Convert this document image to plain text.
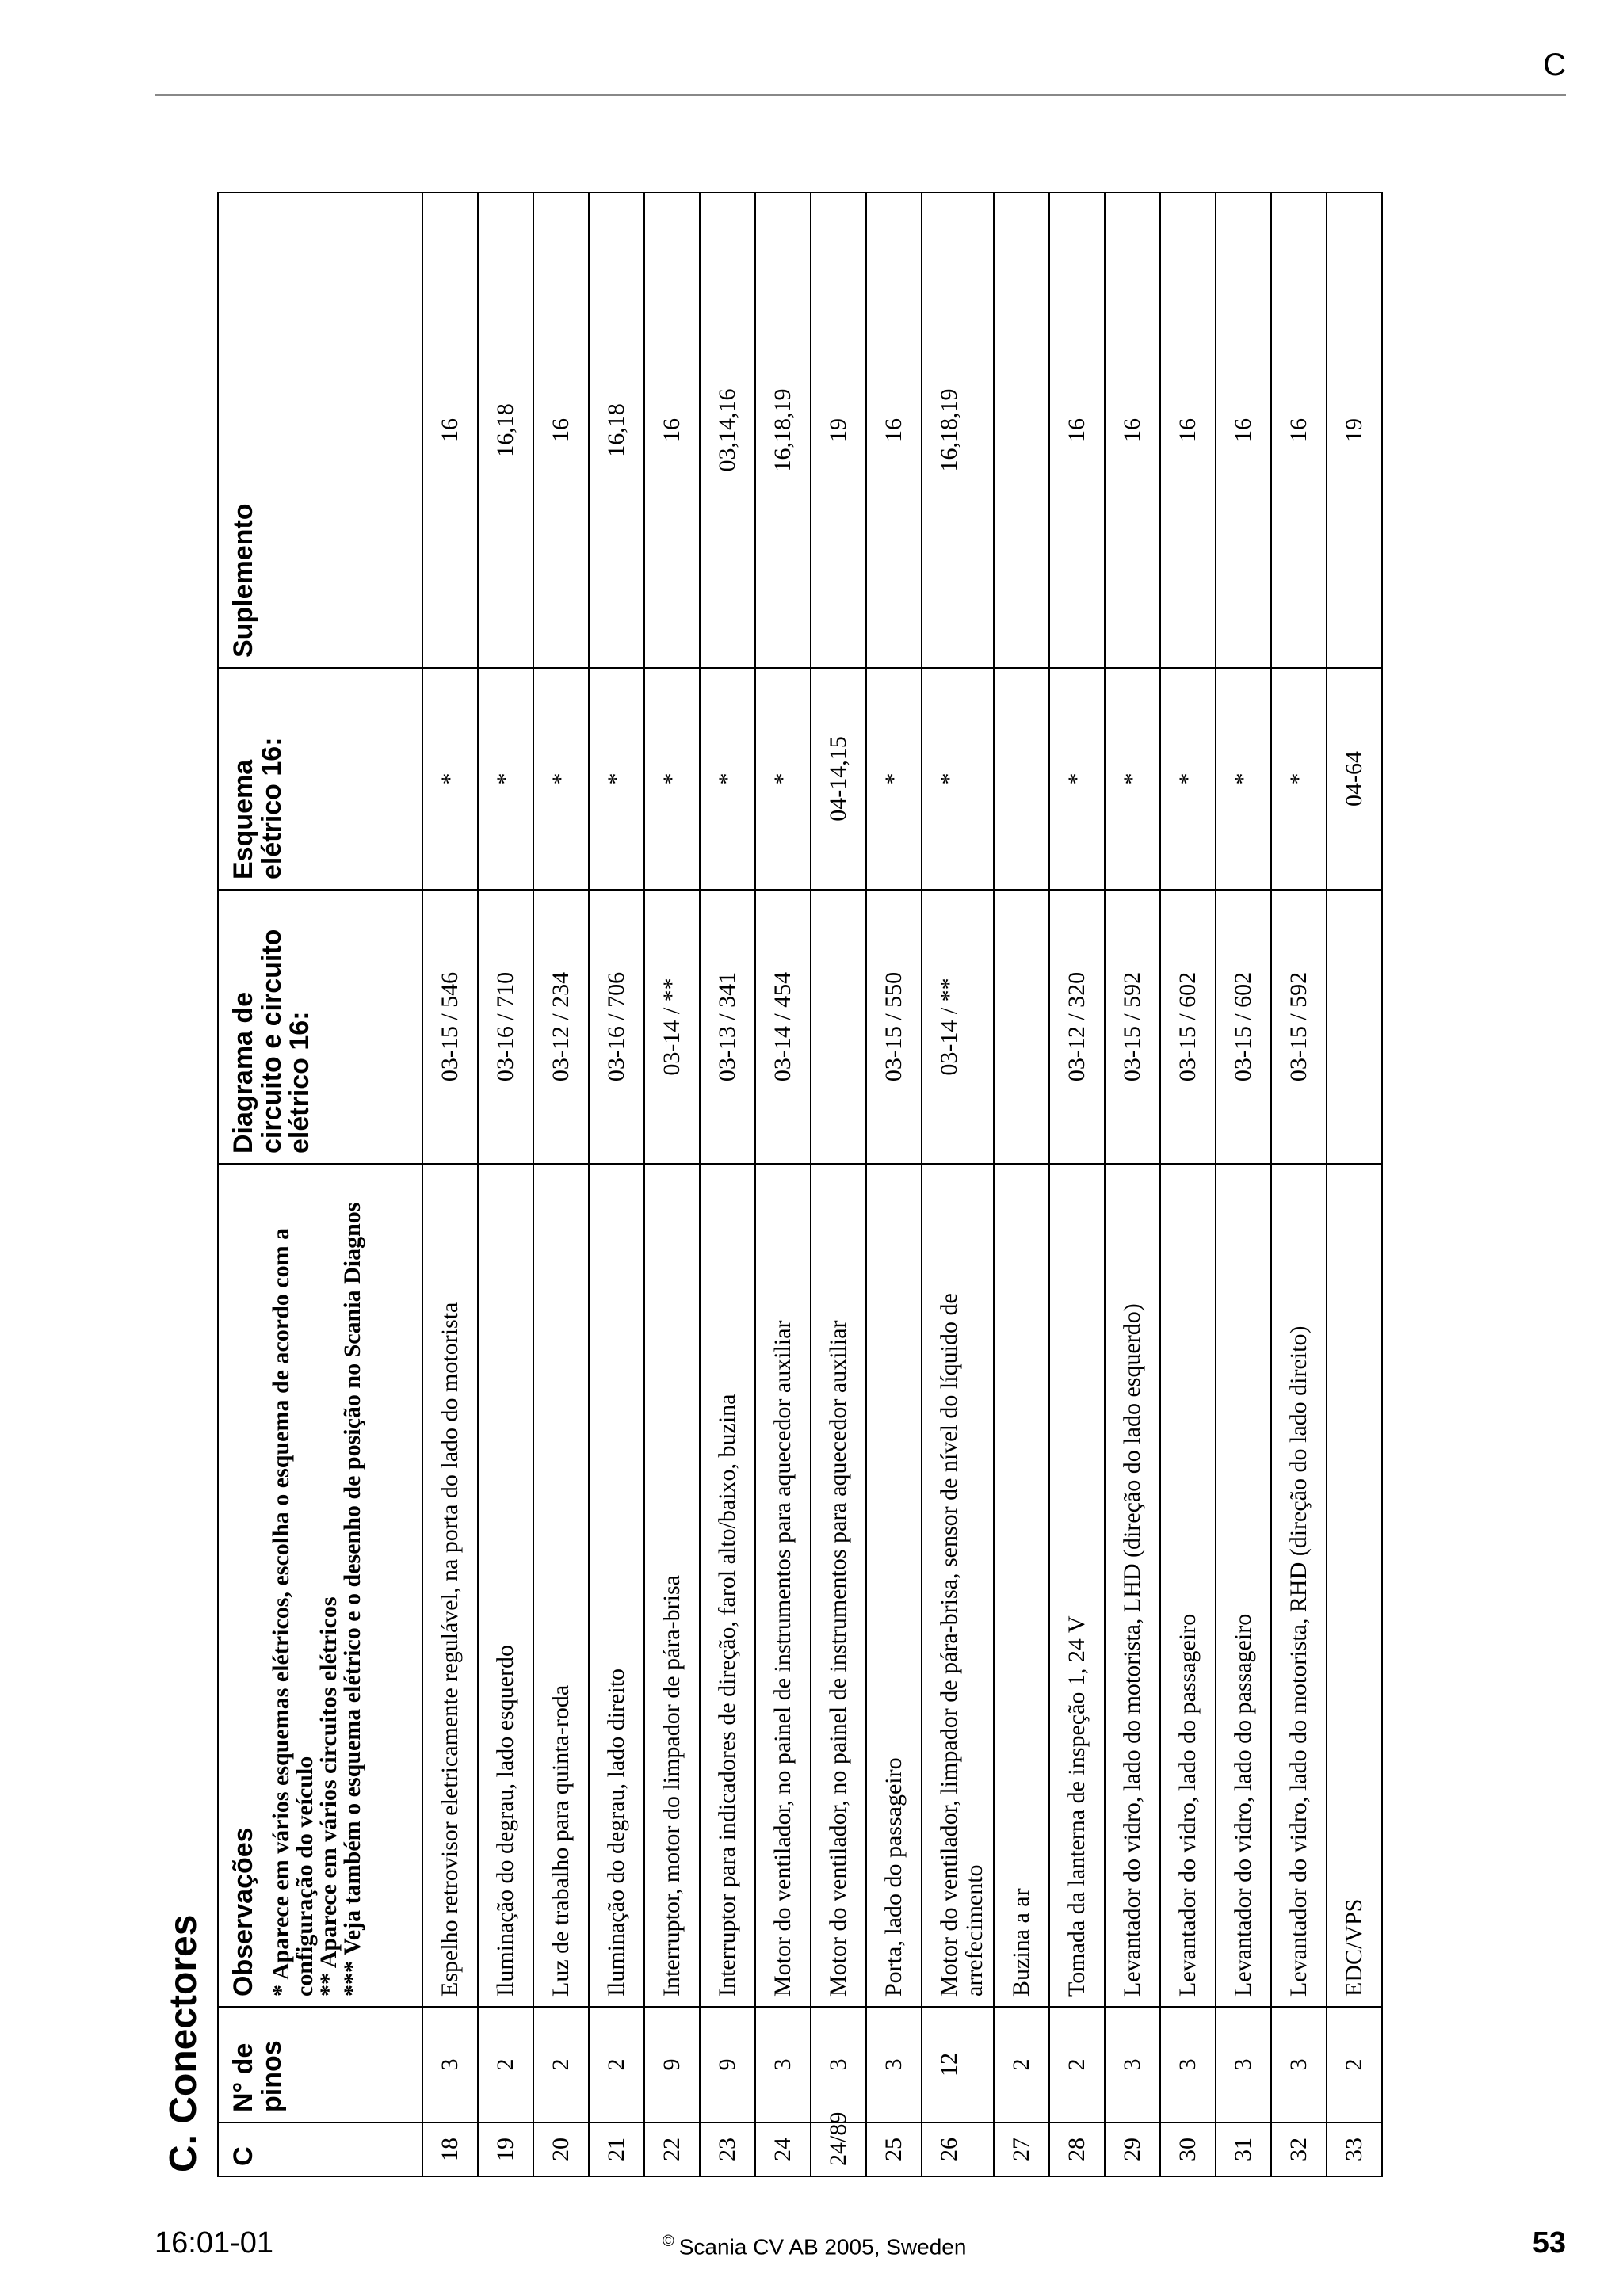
C
C. Conectores C	N° de pinos	Observações * Aparece em vários esquemas elétricos, escolha o esquema de acordo com a configuração do veículo
** Aparece em vários circuitos elétricos
*** Veja também o esquema elétrico e o desenho de posição no Scania Diagnos	Diagrama de circuito e circuito elétrico 16:	Esquema elétrico 16:	Suplemento
18	3	Espelho retrovisor eletricamente regulável, na porta do lado do motorista	03-15 / 546	*	16
19	2	Iluminação do degrau, lado esquerdo	03-16 / 710	*	16,18
20	2	Luz de trabalho para quinta-roda	03-12 / 234	*	16
21	2	Iluminação do degrau, lado direito	03-16 / 706	*	16,18
22	9	Interruptor, motor do limpador de pára-brisa	03-14 / **	*	16
23	9	Interruptor para indicadores de direção, farol alto/baixo, buzina	03-13 / 341	*	03,14,16
24	3	Motor do ventilador, no painel de instrumentos para aquecedor auxiliar	03-14 / 454	*	16,18,19
24/89	3	Motor do ventilador, no painel de instrumentos para aquecedor auxiliar		04-14,15	19
25	3	Porta, lado do passageiro	03-15 / 550	*	16
26	12	Motor do ventilador, limpador de pára-brisa, sensor de nível do líquido de arrefecimento	03-14 / **	*	16,18,19
27	2	Buzina a ar			
28	2	Tomada da lanterna de inspeção 1, 24 V	03-12 / 320	*	16
29	3	Levantador do vidro, lado do motorista, LHD (direção do lado esquerdo)	03-15 / 592	*	16
30	3	Levantador do vidro, lado do passageiro	03-15 / 602	*	16
31	3	Levantador do vidro, lado do passageiro	03-15 / 602	*	16
32	3	Levantador do vidro, lado do motorista, RHD (direção do lado direito)	03-15 / 592	*	16
33	2	EDC/VPS		04-64	19
16:01-01	© Scania CV AB 2005, Sweden	53
